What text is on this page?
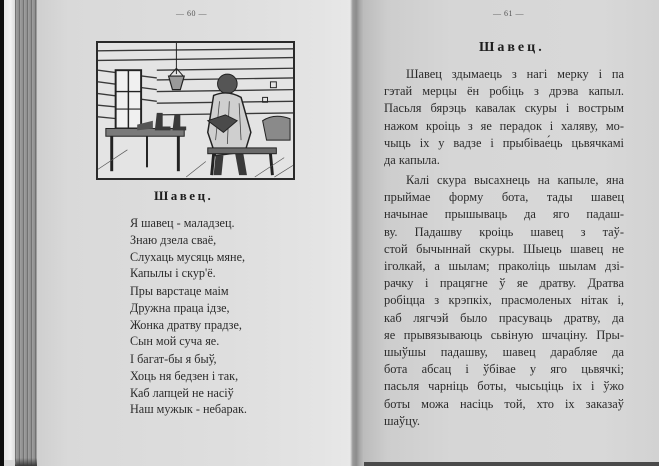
— 60 —
Шавец.
Я шавец - маладзец.
Знаю дзела сваё,
Слухаць мусяць мяне,
Капылы і скур'ё.
Пры варстаце маім
Дружна праца ідзе,
Жонка дратву прадзе,
Сын мой суча яе.
І багат-бы я быў,
Хоць ня бедзен і так,
Каб лапцей не насіў
Наш мужык - небарак.
— 61 —
Шавец.
Шавец здымаець з нагі мерку і па
гэтай мерцы ён робіць з дрэва капыл.
Пасьля бярэць кавалак скуры і вострым
нажом кроіць з яе перадок і халяву, мо-
чыць іх у вадзе і прыбівае́ць цьвячкамі
да капыла.
Калі скура высахнець на капыле, яна
прыймае форму бота, тады шавец
начынае прышываць да яго падаш-
ву. Падашву кроіць шавец з таў-
стой бычыннай скуры. Шыець шавец не
іголкай, а шылам; праколіць шылам дзі-
рачку і працягне ў яе дратву. Дратва
робіцца з крэпкіх, прасмоленых нітак і,
каб лягчэй было прасуваць дратву, да
яе прывязываюць сьвіную шчаціну. Пры-
шыўшы падашву, шавец дарабляе да
бота абсац і ўбівае у яго цьвячкі;
пасьля чарніць боты, чысьціць іх і ўжо
боты можа насіць той, хто іх заказаў
шаўцу.
